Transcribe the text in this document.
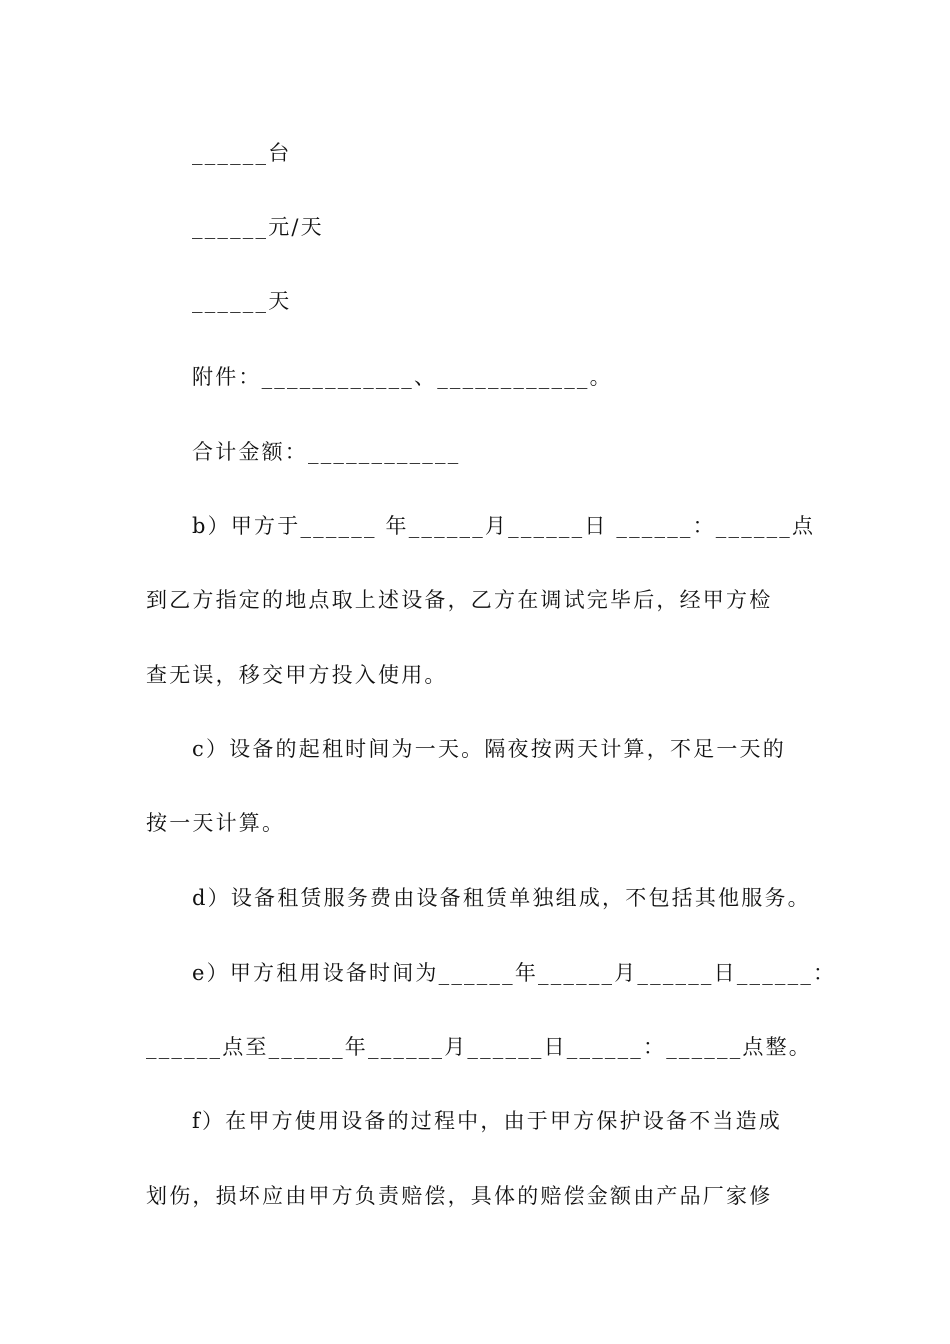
______台
______元/天
______天
附件：____________、____________。
合计金额：____________
b）甲方于______ 年______月______日 ______：______点
到乙方指定的地点取上述设备，乙方在调试完毕后，经甲方检
查无误，移交甲方投入使用。
c）设备的起租时间为一天。隔夜按两天计算，不足一天的
按一天计算。
d）设备租赁服务费由设备租赁单独组成，不包括其他服务。
e）甲方租用设备时间为______年______月______日______：
______点至______年______月______日______：______点整。
f）在甲方使用设备的过程中，由于甲方保护设备不当造成
划伤，损坏应由甲方负责赔偿，具体的赔偿金额由产品厂家修
